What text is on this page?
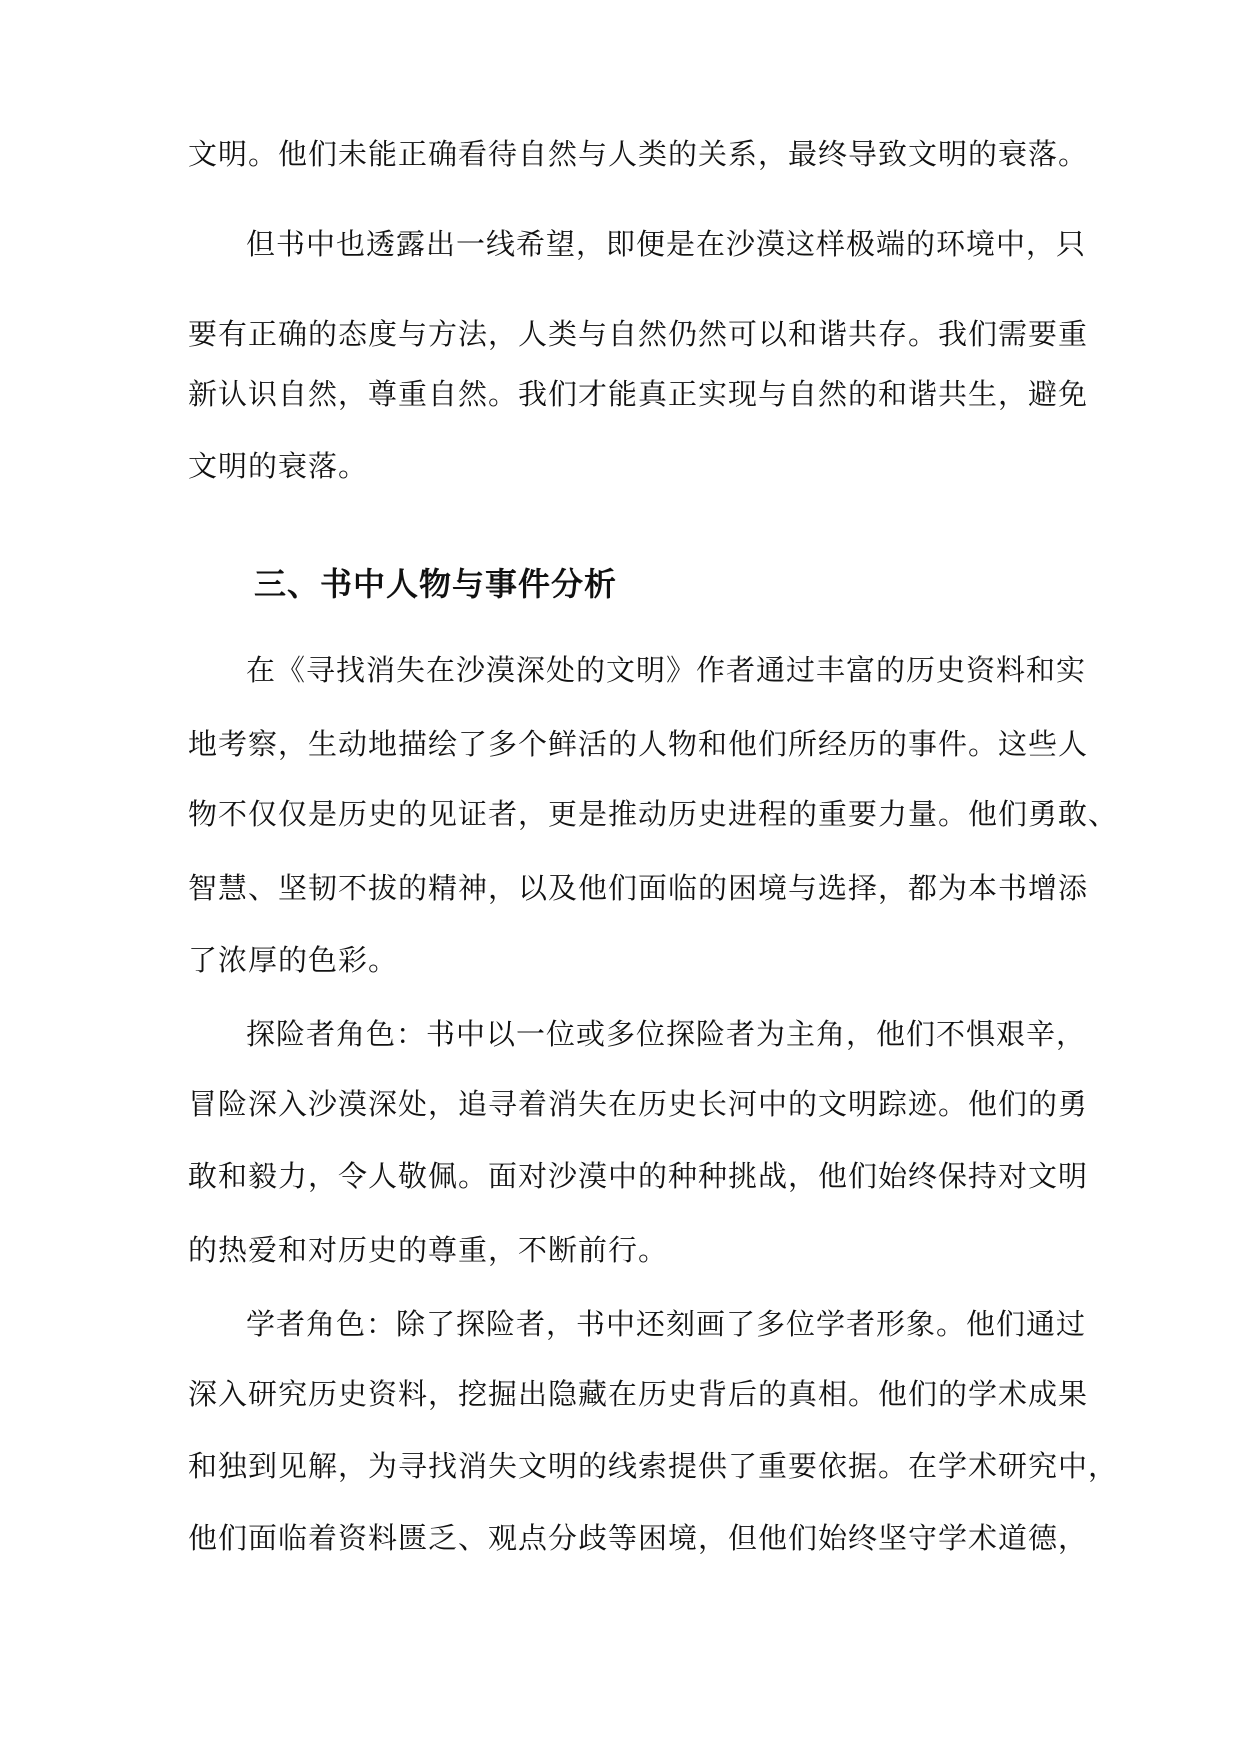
文明。他们未能正确看待自然与人类的关系，最终导致文明的衰落。
但书中也透露出一线希望，即便是在沙漠这样极端的环境中，只
要有正确的态度与方法，人类与自然仍然可以和谐共存。我们需要重
新认识自然，尊重自然。我们才能真正实现与自然的和谐共生，避免
文明的衰落。
三、书中人物与事件分析
在《寻找消失在沙漠深处的文明》作者通过丰富的历史资料和实
地考察，生动地描绘了多个鲜活的人物和他们所经历的事件。这些人
物不仅仅是历史的见证者，更是推动历史进程的重要力量。他们勇敢、
智慧、坚韧不拔的精神，以及他们面临的困境与选择，都为本书增添
了浓厚的色彩。
探险者角色：书中以一位或多位探险者为主角，他们不惧艰辛，
冒险深入沙漠深处，追寻着消失在历史长河中的文明踪迹。他们的勇
敢和毅力，令人敬佩。面对沙漠中的种种挑战，他们始终保持对文明
的热爱和对历史的尊重，不断前行。
学者角色：除了探险者，书中还刻画了多位学者形象。他们通过
深入研究历史资料，挖掘出隐藏在历史背后的真相。他们的学术成果
和独到见解，为寻找消失文明的线索提供了重要依据。在学术研究中，
他们面临着资料匮乏、观点分歧等困境，但他们始终坚守学术道德，
